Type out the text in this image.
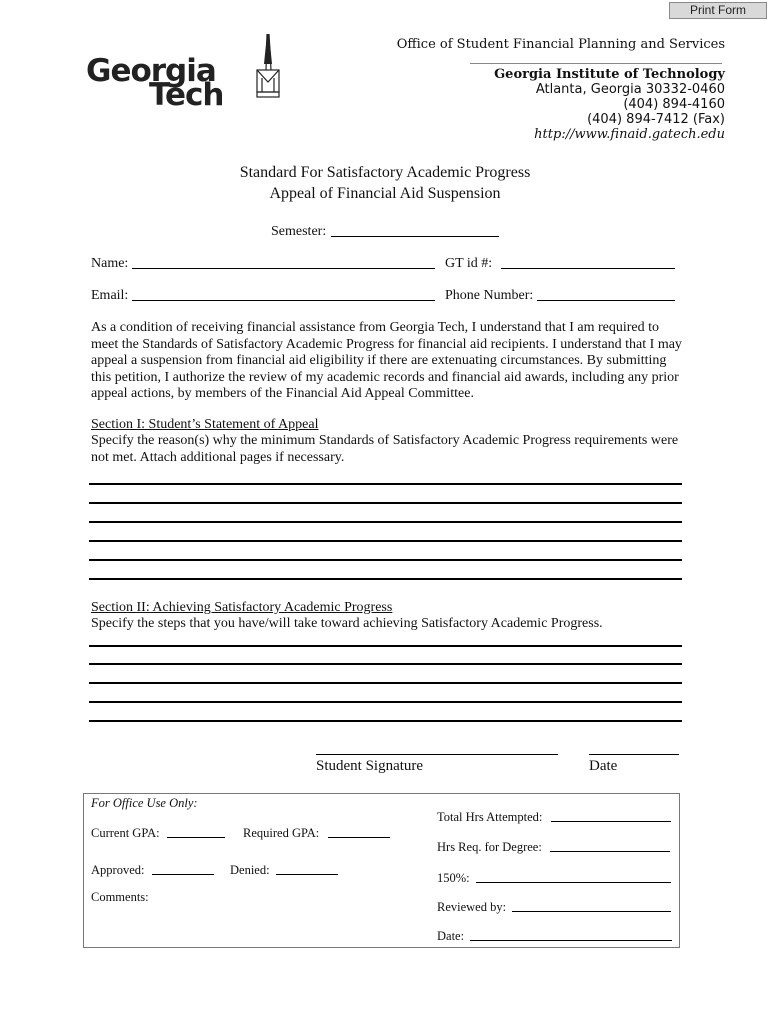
Print Form
Georgia
Tech
Office of Student Financial Planning and Services
Georgia Institute of Technology
Atlanta, Georgia 30332-0460
(404) 894-4160
(404) 894-7412 (Fax)
http://www.finaid.gatech.edu
Standard For Satisfactory Academic Progress
Appeal of Financial Aid Suspension
Semester:
Name:	GT id #:
Email:	Phone Number:
As a condition of receiving financial assistance from Georgia Tech, I understand that I am required to meet the Standards of Satisfactory Academic Progress for financial aid recipients. I understand that I may appeal a suspension from financial aid eligibility if there are extenuating circumstances. By submitting this petition, I authorize the review of my academic records and financial aid awards, including any prior appeal actions, by members of the Financial Aid Appeal Committee.
Section I: Student’s Statement of Appeal
Specify the reason(s) why the minimum Standards of Satisfactory Academic Progress requirements were not met. Attach additional pages if necessary.
Section II: Achieving Satisfactory Academic Progress
Specify the steps that you have/will take toward achieving Satisfactory Academic Progress.
Student Signature	Date
For Office Use Only:
Current GPA:	Required GPA:
Approved:	Denied:
Comments:
Total Hrs Attempted:
Hrs Req. for Degree:
150%:
Reviewed by:
Date:
